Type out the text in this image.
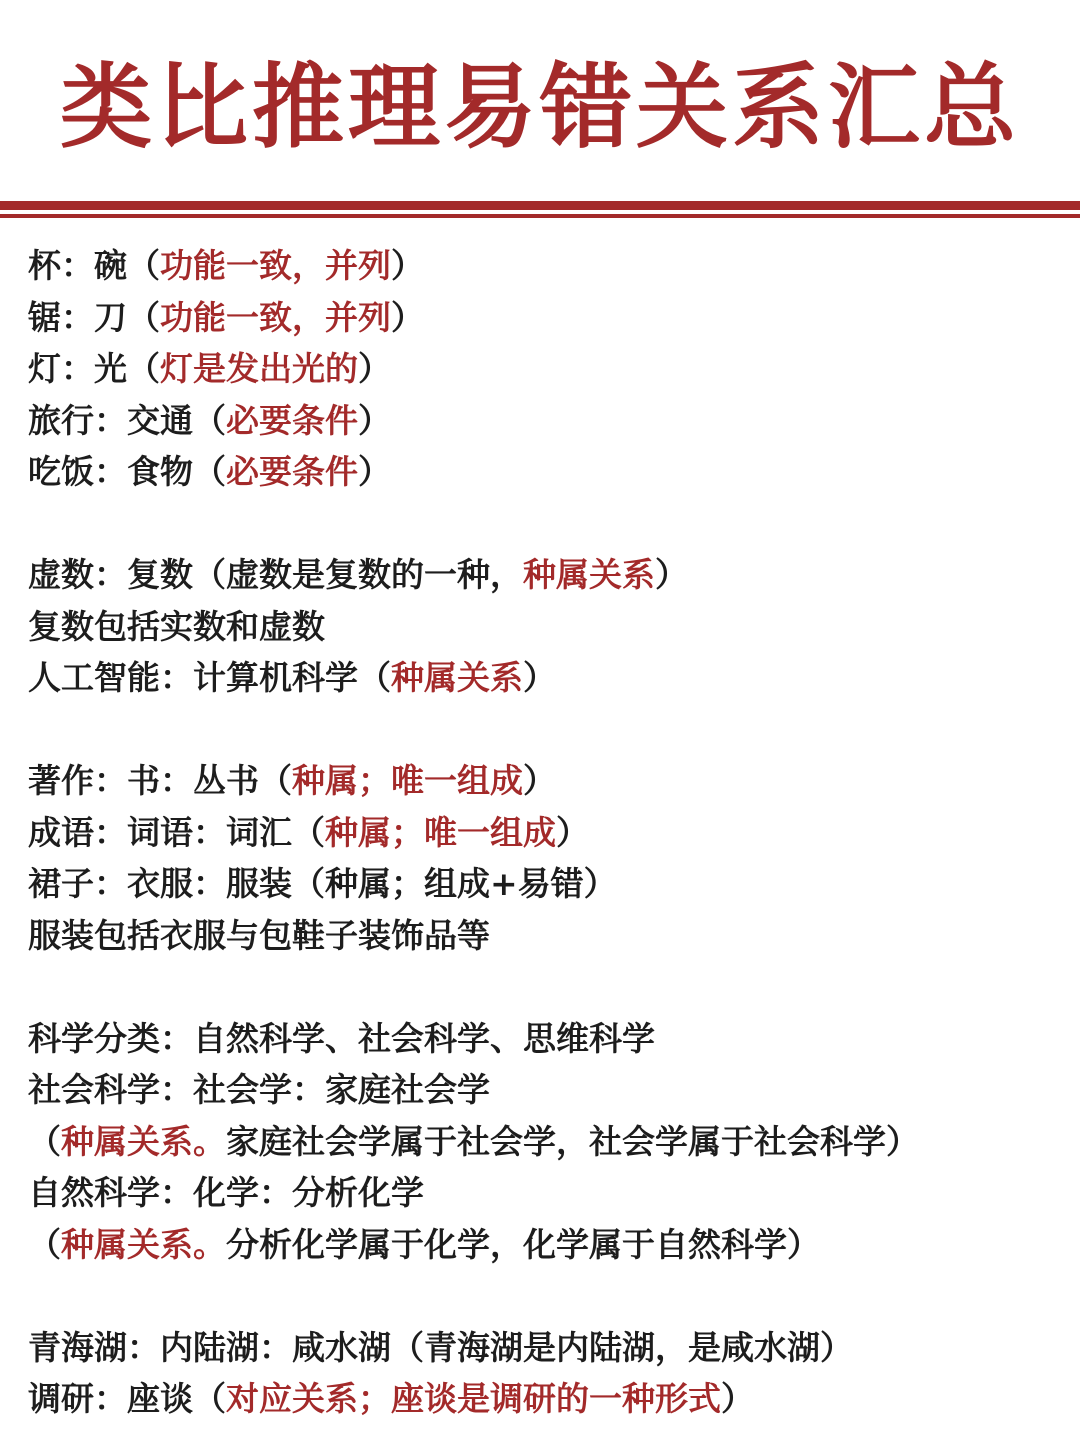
类比推理易错关系汇总
杯：碗（功能一致，并列）
锯：刀（功能一致，并列）
灯：光（灯是发出光的）
旅行：交通（必要条件）
吃饭：食物（必要条件）
虚数：复数（虚数是复数的一种，种属关系）
复数包括实数和虚数
人工智能：计算机科学（种属关系）
著作：书：丛书（种属；唯一组成）
成语：词语：词汇（种属；唯一组成）
裙子：衣服：服装（种属；组成+易错）
服装包括衣服与包鞋子装饰品等
科学分类：自然科学、社会科学、思维科学
社会科学：社会学：家庭社会学
（种属关系。家庭社会学属于社会学，社会学属于社会科学）
自然科学：化学：分析化学
（种属关系。分析化学属于化学，化学属于自然科学）
青海湖：内陆湖：咸水湖（青海湖是内陆湖，是咸水湖）
调研：座谈（对应关系；座谈是调研的一种形式）
